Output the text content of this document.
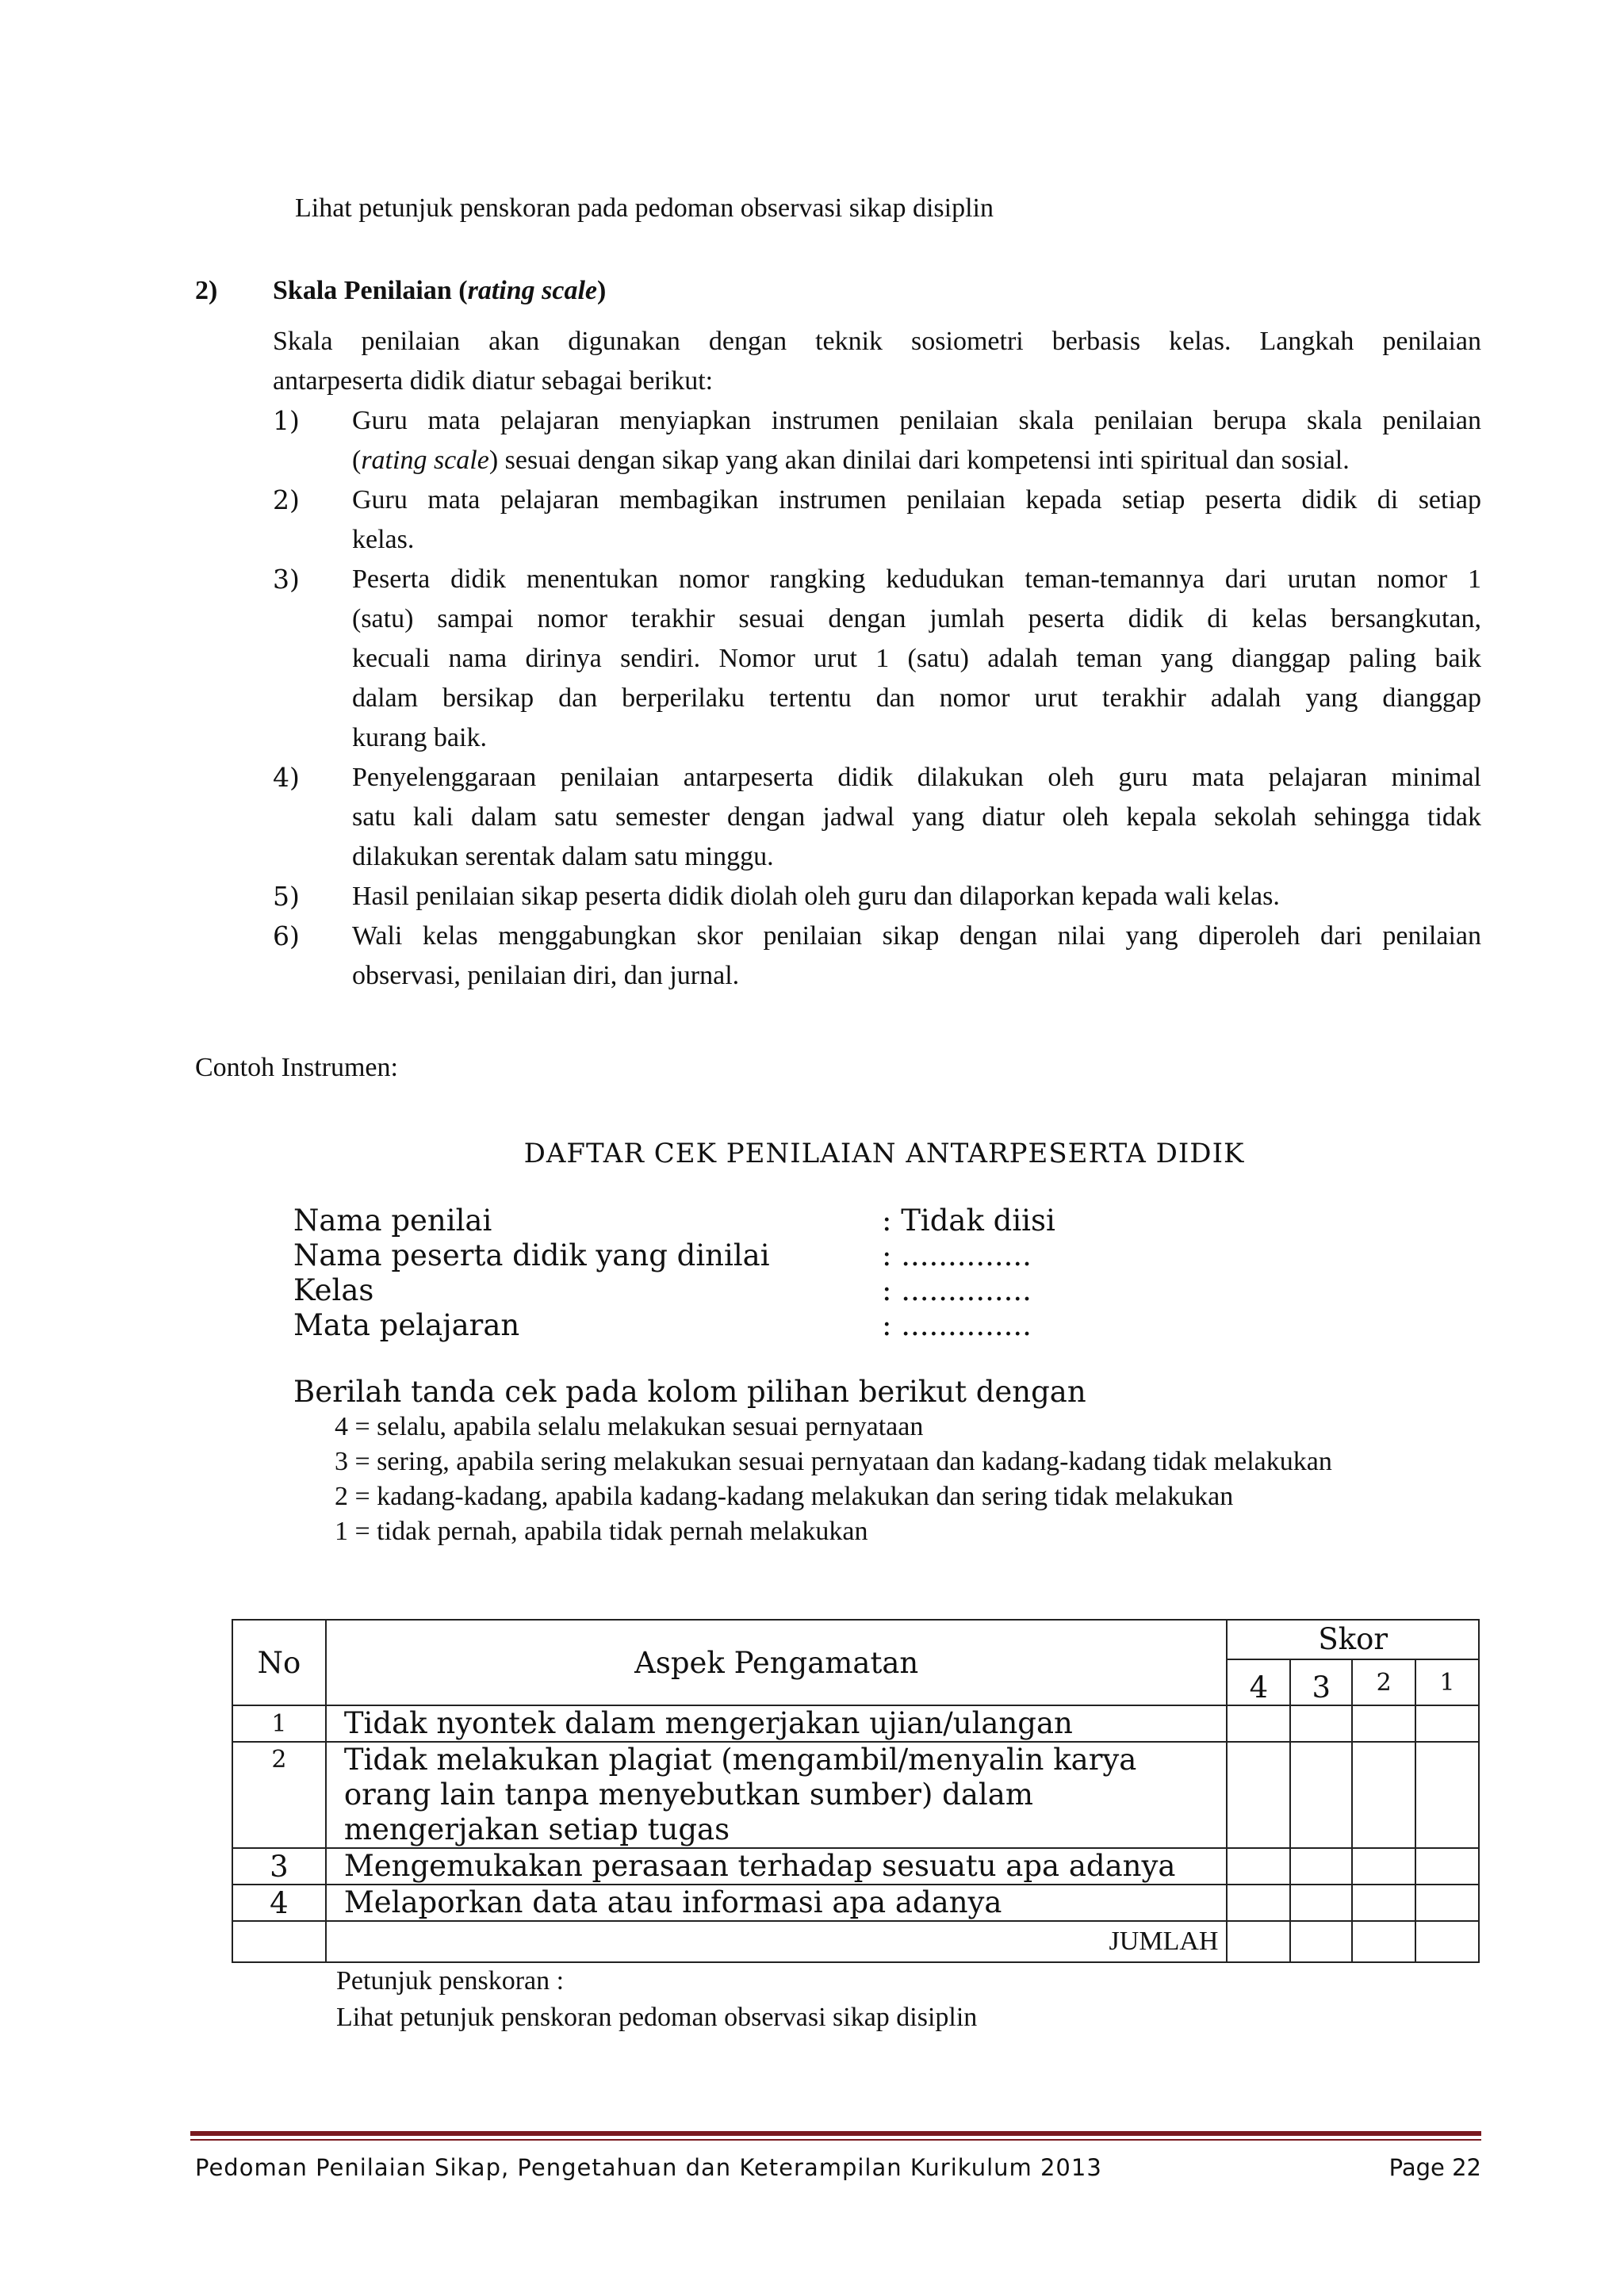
Lihat petunjuk penskoran pada pedoman observasi sikap disiplin
2) Skala Penilaian (rating scale)
Skala penilaian akan digunakan dengan teknik sosiometri berbasis kelas. Langkah penilaian
antarpeserta didik diatur sebagai berikut:
1) Guru mata pelajaran menyiapkan instrumen penilaian skala penilaian berupa skala penilaian
(rating scale) sesuai dengan sikap yang akan dinilai dari kompetensi inti spiritual dan sosial.
2) Guru mata pelajaran membagikan instrumen penilaian kepada setiap peserta didik di setiap
kelas.
3) Peserta didik menentukan nomor rangking kedudukan teman-temannya dari urutan nomor 1
(satu) sampai nomor terakhir sesuai dengan jumlah peserta didik di kelas bersangkutan,
kecuali nama dirinya sendiri. Nomor urut 1 (satu) adalah teman yang dianggap paling baik
dalam bersikap dan berperilaku tertentu dan nomor urut terakhir adalah yang dianggap
kurang baik.
4) Penyelenggaraan penilaian antarpeserta didik dilakukan oleh guru mata pelajaran minimal
satu kali dalam satu semester dengan jadwal yang diatur oleh kepala sekolah sehingga tidak
dilakukan serentak dalam satu minggu.
5) Hasil penilaian sikap peserta didik diolah oleh guru dan dilaporkan kepada wali kelas.
6) Wali kelas menggabungkan skor penilaian sikap dengan nilai yang diperoleh dari penilaian
observasi, penilaian diri, dan jurnal.
Contoh Instrumen:
DAFTAR CEK PENILAIAN ANTARPESERTA DIDIK
Nama penilai	: Tidak diisi
Nama peserta didik yang dinilai	: ..............
Kelas	: ..............
Mata pelajaran	: ..............
Berilah tanda cek pada kolom pilihan berikut dengan
4 = selalu, apabila selalu melakukan sesuai pernyataan
3 = sering, apabila sering melakukan sesuai pernyataan dan kadang-kadang tidak melakukan
2 = kadang-kadang, apabila kadang-kadang melakukan dan sering tidak melakukan
1 = tidak pernah, apabila tidak pernah melakukan
No	Aspek Pengamatan	Skor			
		4	3	2	1
1	Tidak nyontek dalam mengerjakan ujian/ulangan				
2	Tidak melakukan plagiat (mengambil/menyalin karya orang lain tanpa menyebutkan sumber) dalam mengerjakan setiap tugas				
3	Mengemukakan perasaan terhadap sesuatu apa adanya				
4	Melaporkan data atau informasi apa adanya				
	JUMLAH				
Petunjuk penskoran :
Lihat petunjuk penskoran pedoman observasi sikap disiplin
Pedoman Penilaian Sikap, Pengetahuan dan Keterampilan Kurikulum 2013	Page 22
